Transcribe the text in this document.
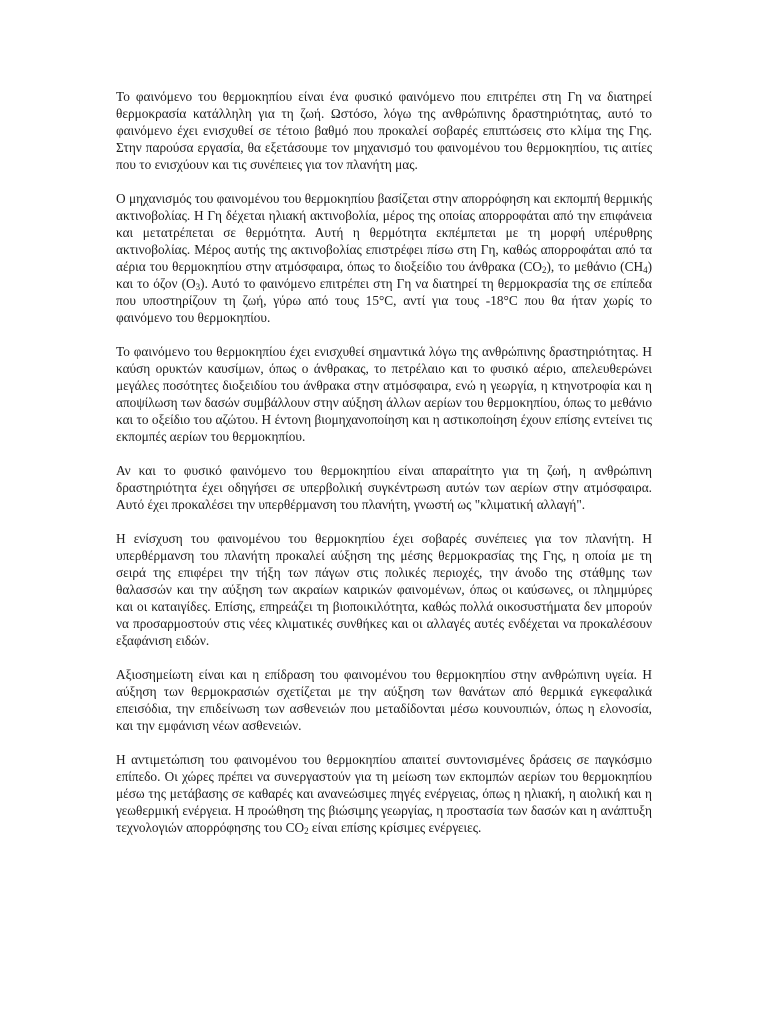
Το φαινόμενο του θερμοκηπίου είναι ένα φυσικό φαινόμενο που επιτρέπει στη Γη να διατηρεί θερμοκρασία κατάλληλη για τη ζωή. Ωστόσο, λόγω της ανθρώπινης δραστηριότητας, αυτό το φαινόμενο έχει ενισχυθεί σε τέτοιο βαθμό που προκαλεί σοβαρές επιπτώσεις στο κλίμα της Γης. Στην παρούσα εργασία, θα εξετάσουμε τον μηχανισμό του φαινομένου του θερμοκηπίου, τις αιτίες που το ενισχύουν και τις συνέπειες για τον πλανήτη μας.

Ο μηχανισμός του φαινομένου του θερμοκηπίου βασίζεται στην απορρόφηση και εκπομπή θερμικής ακτινοβολίας. Η Γη δέχεται ηλιακή ακτινοβολία, μέρος της οποίας απορροφάται από την επιφάνεια και μετατρέπεται σε θερμότητα. Αυτή η θερμότητα εκπέμπεται με τη μορφή υπέρυθρης ακτινοβολίας. Μέρος αυτής της ακτινοβολίας επιστρέφει πίσω στη Γη, καθώς απορροφάται από τα αέρια του θερμοκηπίου στην ατμόσφαιρα, όπως το διοξείδιο του άνθρακα $(CO_2)$, το μεθάνιο $(CH_4)$ και το όζον $(O_3)$. Αυτό το φαινόμενο επιτρέπει στη Γη να διατηρεί τη θερμοκρασία της σε επίπεδα που υποστηρίζουν τη ζωή, γύρω από τους 15°C, αντί για τους -18°C που θα ήταν χωρίς το φαινόμενο του θερμοκηπίου.

Το φαινόμενο του θερμοκηπίου έχει ενισχυθεί σημαντικά λόγω της ανθρώπινης δραστηριότητας. Η καύση ορυκτών καυσίμων, όπως ο άνθρακας, το πετρέλαιο και το φυσικό αέριο, απελευθερώνει μεγάλες ποσότητες διοξειδίου του άνθρακα στην ατμόσφαιρα, ενώ η γεωργία, η κτηνοτροφία και η αποψίλωση των δασών συμβάλλουν στην αύξηση άλλων αερίων του θερμοκηπίου, όπως το μεθάνιο και το οξείδιο του αζώτου. Η έντονη βιομηχανοποίηση και η αστικοποίηση έχουν επίσης εντείνει τις εκπομπές αερίων του θερμοκηπίου.

Αν και το φυσικό φαινόμενο του θερμοκηπίου είναι απαραίτητο για τη ζωή, η ανθρώπινη δραστηριότητα έχει οδηγήσει σε υπερβολική συγκέντρωση αυτών των αερίων στην ατμόσφαιρα. Αυτό έχει προκαλέσει την υπερθέρμανση του πλανήτη, γνωστή ως "κλιματική αλλαγή".

Η ενίσχυση του φαινομένου του θερμοκηπίου έχει σοβαρές συνέπειες για τον πλανήτη. Η υπερθέρμανση του πλανήτη προκαλεί αύξηση της μέσης θερμοκρασίας της Γης, η οποία με τη σειρά της επιφέρει την τήξη των πάγων στις πολικές περιοχές, την άνοδο της στάθμης των θαλασσών και την αύξηση των ακραίων καιρικών φαινομένων, όπως οι καύσωνες, οι πλημμύρες και οι καταιγίδες. Επίσης, επηρεάζει τη βιοποικιλότητα, καθώς πολλά οικοσυστήματα δεν μπορούν να προσαρμοστούν στις νέες κλιματικές συνθήκες και οι αλλαγές αυτές ενδέχεται να προκαλέσουν εξαφάνιση ειδών.

Αξιοσημείωτη είναι και η επίδραση του φαινομένου του θερμοκηπίου στην ανθρώπινη υγεία. Η αύξηση των θερμοκρασιών σχετίζεται με την αύξηση των θανάτων από θερμικά εγκεφαλικά επεισόδια, την επιδείνωση των ασθενειών που μεταδίδονται μέσω κουνουπιών, όπως η ελονοσία, και την εμφάνιση νέων ασθενειών.

Η αντιμετώπιση του φαινομένου του θερμοκηπίου απαιτεί συντονισμένες δράσεις σε παγκόσμιο επίπεδο. Οι χώρες πρέπει να συνεργαστούν για τη μείωση των εκπομπών αερίων του θερμοκηπίου μέσω της μετάβασης σε καθαρές και ανανεώσιμες πηγές ενέργειας, όπως η ηλιακή, η αιολική και η γεωθερμική ενέργεια. Η προώθηση της βιώσιμης γεωργίας, η προστασία των δασών και η ανάπτυξη τεχνολογιών απορρόφησης του $CO_2$ είναι επίσης κρίσιμες ενέργειες.
